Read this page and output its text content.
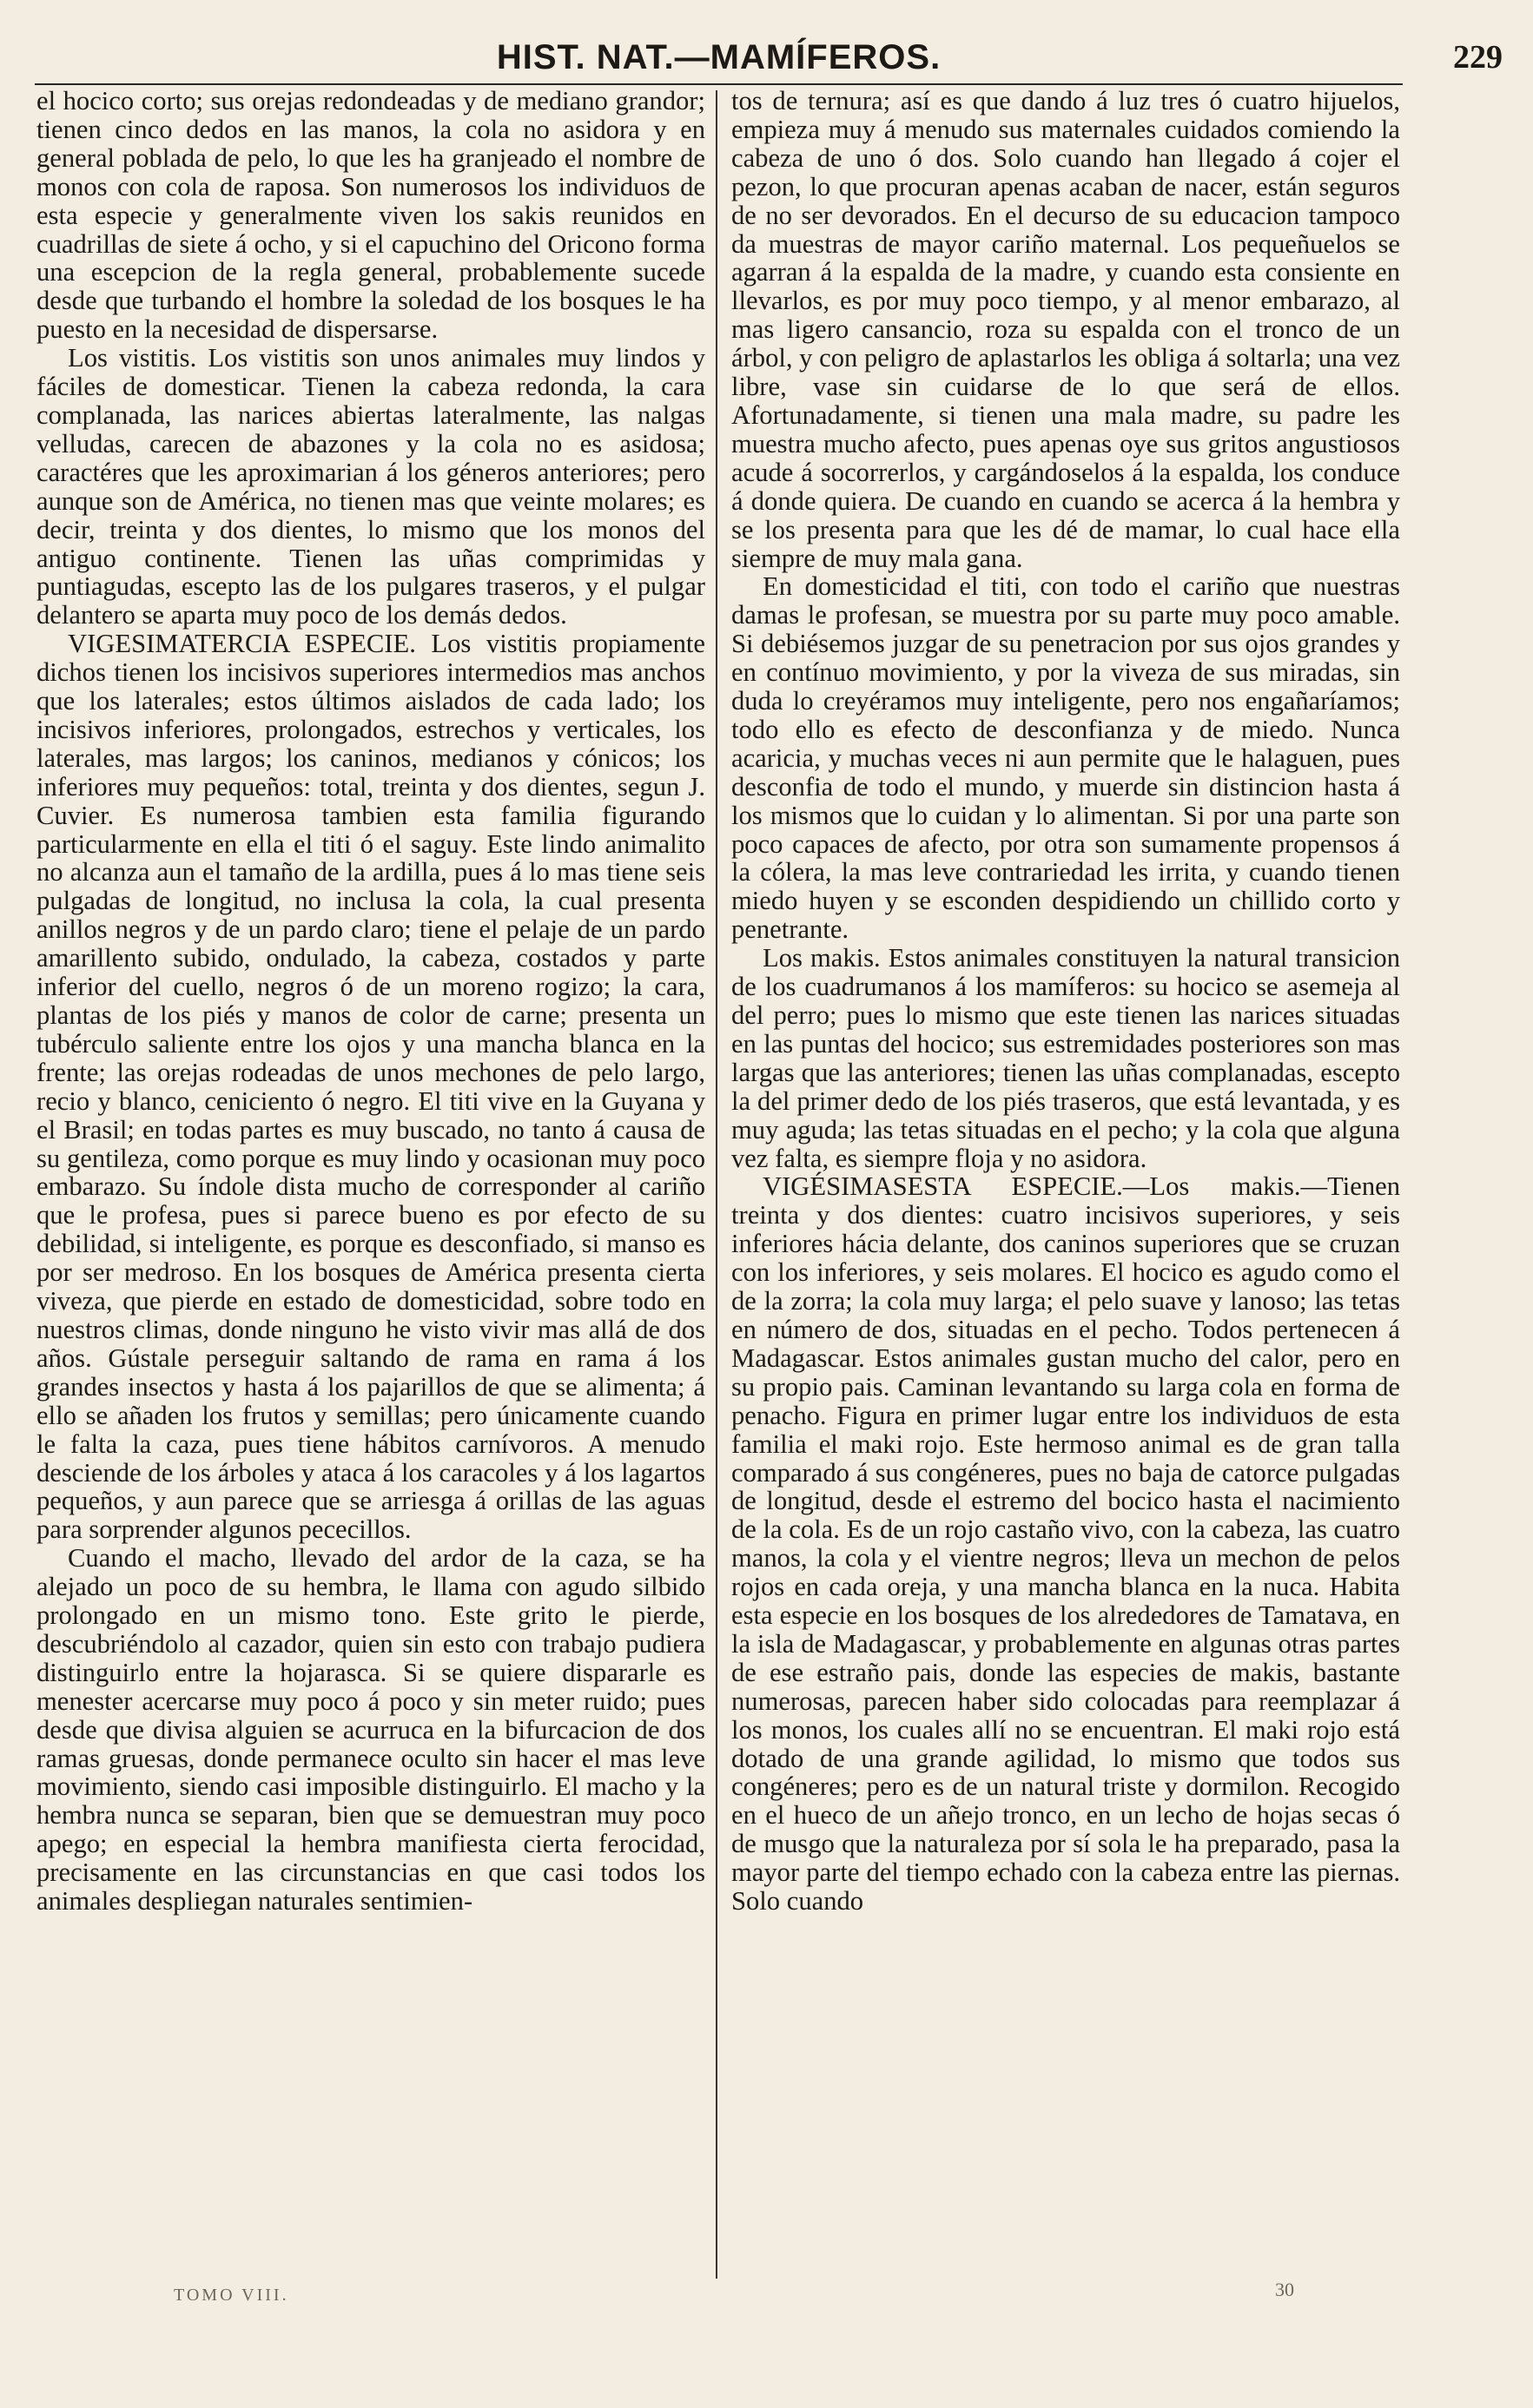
HIST. NAT.—MAMÍFEROS.	229

el hocico corto; sus orejas redondeadas y de mediano grandor; tienen cinco dedos en las manos, la cola no asidora y en general poblada de pelo, lo que les ha granjeado el nombre de monos con cola de raposa. Son numerosos los individuos de esta especie y generalmente viven los sakis reunidos en cuadrillas de siete á ocho, y si el capuchino del Oricono forma una escepcion de la regla general, probablemente sucede desde que turbando el hombre la soledad de los bosques le ha puesto en la necesidad de dispersarse.

Los vistitis. Los vistitis son unos animales muy lindos y fáciles de domesticar. Tienen la cabeza redonda, la cara complanada, las narices abiertas lateralmente, las nalgas velludas, carecen de abazones y la cola no es asidosa; caractéres que les aproximarian á los géneros anteriores; pero aunque son de América, no tienen mas que veinte molares; es decir, treinta y dos dientes, lo mismo que los monos del antiguo continente. Tienen las uñas comprimidas y puntiagudas, escepto las de los pulgares traseros, y el pulgar delantero se aparta muy poco de los demás dedos.

VIGESIMATERCIA ESPECIE. Los vistitis propiamente dichos tienen los incisivos superiores intermedios mas anchos que los laterales; estos últimos aislados de cada lado; los incisivos inferiores, prolongados, estrechos y verticales, los laterales, mas largos; los caninos, medianos y cónicos; los inferiores muy pequeños: total, treinta y dos dientes, segun J. Cuvier. Es numerosa tambien esta familia figurando particularmente en ella el titi ó el saguy. Este lindo animalito no alcanza aun el tamaño de la ardilla, pues á lo mas tiene seis pulgadas de longitud, no inclusa la cola, la cual presenta anillos negros y de un pardo claro; tiene el pelaje de un pardo amarillento subido, ondulado, la cabeza, costados y parte inferior del cuello, negros ó de un moreno rogizo; la cara, plantas de los piés y manos de color de carne; presenta un tubérculo saliente entre los ojos y una mancha blanca en la frente; las orejas rodeadas de unos mechones de pelo largo, recio y blanco, ceniciento ó negro. El titi vive en la Guyana y el Brasil; en todas partes es muy buscado, no tanto á causa de su gentileza, como porque es muy lindo y ocasionan muy poco embarazo. Su índole dista mucho de corresponder al cariño que le profesa, pues si parece bueno es por efecto de su debilidad, si inteligente, es porque es desconfiado, si manso es por ser medroso. En los bosques de América presenta cierta viveza, que pierde en estado de domesticidad, sobre todo en nuestros climas, donde ninguno he visto vivir mas allá de dos años. Gústale perseguir saltando de rama en rama á los grandes insectos y hasta á los pajarillos de que se alimenta; á ello se añaden los frutos y semillas; pero únicamente cuando le falta la caza, pues tiene hábitos carnívoros. A menudo desciende de los árboles y ataca á los caracoles y á los lagartos pequeños, y aun parece que se arriesga á orillas de las aguas para sorprender algunos pececillos.

Cuando el macho, llevado del ardor de la caza, se ha alejado un poco de su hembra, le llama con agudo silbido prolongado en un mismo tono. Este grito le pierde, descubriéndolo al cazador, quien sin esto con trabajo pudiera distinguirlo entre la hojarasca. Si se quiere dispararle es menester acercarse muy poco á poco y sin meter ruido; pues desde que divisa alguien se acurruca en la bifurcacion de dos ramas gruesas, donde permanece oculto sin hacer el mas leve movimiento, siendo casi imposible distinguirlo. El macho y la hembra nunca se separan, bien que se demuestran muy poco apego; en especial la hembra manifiesta cierta ferocidad, precisamente en las circunstancias en que casi todos los animales despliegan naturales sentimien-

tos de ternura; así es que dando á luz tres ó cuatro hijuelos, empieza muy á menudo sus maternales cuidados comiendo la cabeza de uno ó dos. Solo cuando han llegado á cojer el pezon, lo que procuran apenas acaban de nacer, están seguros de no ser devorados. En el decurso de su educacion tampoco da muestras de mayor cariño maternal. Los pequeñuelos se agarran á la espalda de la madre, y cuando esta consiente en llevarlos, es por muy poco tiempo, y al menor embarazo, al mas ligero cansancio, roza su espalda con el tronco de un árbol, y con peligro de aplastarlos les obliga á soltarla; una vez libre, vase sin cuidarse de lo que será de ellos. Afortunadamente, si tienen una mala madre, su padre les muestra mucho afecto, pues apenas oye sus gritos angustiosos acude á socorrerlos, y cargándoselos á la espalda, los conduce á donde quiera. De cuando en cuando se acerca á la hembra y se los presenta para que les dé de mamar, lo cual hace ella siempre de muy mala gana.

En domesticidad el titi, con todo el cariño que nuestras damas le profesan, se muestra por su parte muy poco amable. Si debiésemos juzgar de su penetracion por sus ojos grandes y en contínuo movimiento, y por la viveza de sus miradas, sin duda lo creyéramos muy inteligente, pero nos engañaríamos; todo ello es efecto de desconfianza y de miedo. Nunca acaricia, y muchas veces ni aun permite que le halaguen, pues desconfia de todo el mundo, y muerde sin distincion hasta á los mismos que lo cuidan y lo alimentan. Si por una parte son poco capaces de afecto, por otra son sumamente propensos á la cólera, la mas leve contrariedad les irrita, y cuando tienen miedo huyen y se esconden despidiendo un chillido corto y penetrante.

Los makis. Estos animales constituyen la natural transicion de los cuadrumanos á los mamíferos: su hocico se asemeja al del perro; pues lo mismo que este tienen las narices situadas en las puntas del hocico; sus estremidades posteriores son mas largas que las anteriores; tienen las uñas complanadas, escepto la del primer dedo de los piés traseros, que está levantada, y es muy aguda; las tetas situadas en el pecho; y la cola que alguna vez falta, es siempre floja y no asidora.

VIGÉSIMASESTA ESPECIE.—Los makis.—Tienen treinta y dos dientes: cuatro incisivos superiores, y seis inferiores hácia delante, dos caninos superiores que se cruzan con los inferiores, y seis molares. El hocico es agudo como el de la zorra; la cola muy larga; el pelo suave y lanoso; las tetas en número de dos, situadas en el pecho. Todos pertenecen á Madagascar. Estos animales gustan mucho del calor, pero en su propio pais. Caminan levantando su larga cola en forma de penacho. Figura en primer lugar entre los individuos de esta familia el maki rojo. Este hermoso animal es de gran talla comparado á sus congéneres, pues no baja de catorce pulgadas de longitud, desde el estremo del bocico hasta el nacimiento de la cola. Es de un rojo castaño vivo, con la cabeza, las cuatro manos, la cola y el vientre negros; lleva un mechon de pelos rojos en cada oreja, y una mancha blanca en la nuca. Habita esta especie en los bosques de los alrededores de Tamatava, en la isla de Madagascar, y probablemente en algunas otras partes de ese estraño pais, donde las especies de makis, bastante numerosas, parecen haber sido colocadas para reemplazar á los monos, los cuales allí no se encuentran. El maki rojo está dotado de una grande agilidad, lo mismo que todos sus congéneres; pero es de un natural triste y dormilon. Recogido en el hueco de un añejo tronco, en un lecho de hojas secas ó de musgo que la naturaleza por sí sola le ha preparado, pasa la mayor parte del tiempo echado con la cabeza entre las piernas. Solo cuando

TOMO VIII.	30
